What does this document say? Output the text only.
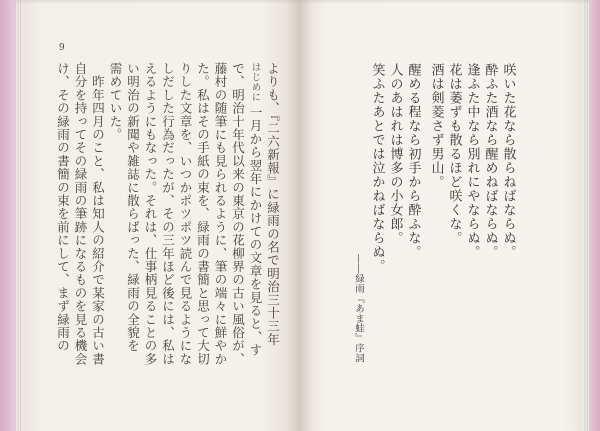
9
よりも、『二六新報』に緑雨の名で明治三十三年
はじめに
一月から翌年にかけての文章を見ると、す
で、明治十年代以来の東京の花柳界の古い風俗が、
藤村の随筆にも見られるように、筆の端々に鮮やか
た。私はその手紙の束を、緑雨の書簡と思って大切
りした文章を、いつかポツポツ読んで見るようにな
しだした行為だったが、その三年ほど後には、私は
えるようにもなった。それは、仕事柄見ることの多
い明治の新聞や雑誌に散らばった、緑雨の全貌を
需めていた。
　昨年四月のこと、私は知人の紹介で某家の古い書
自分を持ってその緑雨の筆跡になるものを見る機会
け、その緑雨の書簡の束を前にして、まず緑雨の	咲いた花なら散らねばならぬ。
酔ふた酒なら醒めねばならぬ。
逢ふた中なら別れにやならぬ。
花は萎ずも散るほど咲くな。
酒は剣菱さず男山。
醒める程なら初手から酔ふな。
人のあはれは博多の小女郎。
笑ふたあとでは泣かねばならぬ。
――緑雨『あま蛙』序詞
